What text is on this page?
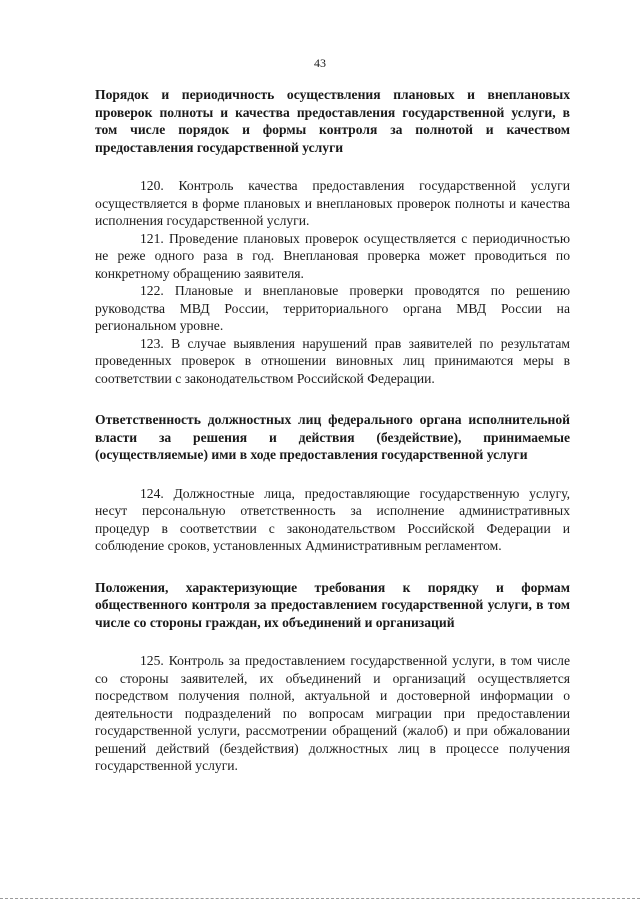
43

Порядок и периодичность осуществления плановых и внеплановых проверок полноты и качества предоставления государственной услуги, в том числе порядок и формы контроля за полнотой и качеством предоставления государственной услуги

120. Контроль качества предоставления государственной услуги осуществляется в форме плановых и внеплановых проверок полноты и качества исполнения государственной услуги.

121. Проведение плановых проверок осуществляется с периодичностью не реже одного раза в год. Внеплановая проверка может проводиться по конкретному обращению заявителя.

122. Плановые и внеплановые проверки проводятся по решению руководства МВД России, территориального органа МВД России на региональном уровне.

123. В случае выявления нарушений прав заявителей по результатам проведенных проверок в отношении виновных лиц принимаются меры в соответствии с законодательством Российской Федерации.

Ответственность должностных лиц федерального органа исполнительной власти за решения и действия (бездействие), принимаемые (осуществляемые) ими в ходе предоставления государственной услуги

124. Должностные лица, предоставляющие государственную услугу, несут персональную ответственность за исполнение административных процедур в соответствии с законодательством Российской Федерации и соблюдение сроков, установленных Административным регламентом.

Положения, характеризующие требования к порядку и формам общественного контроля за предоставлением государственной услуги, в том числе со стороны граждан, их объединений и организаций

125. Контроль за предоставлением государственной услуги, в том числе со стороны заявителей, их объединений и организаций осуществляется посредством получения полной, актуальной и достоверной информации о деятельности подразделений по вопросам миграции при предоставлении государственной услуги, рассмотрении обращений (жалоб) и при обжаловании решений действий (бездействия) должностных лиц в процессе получения государственной услуги.
